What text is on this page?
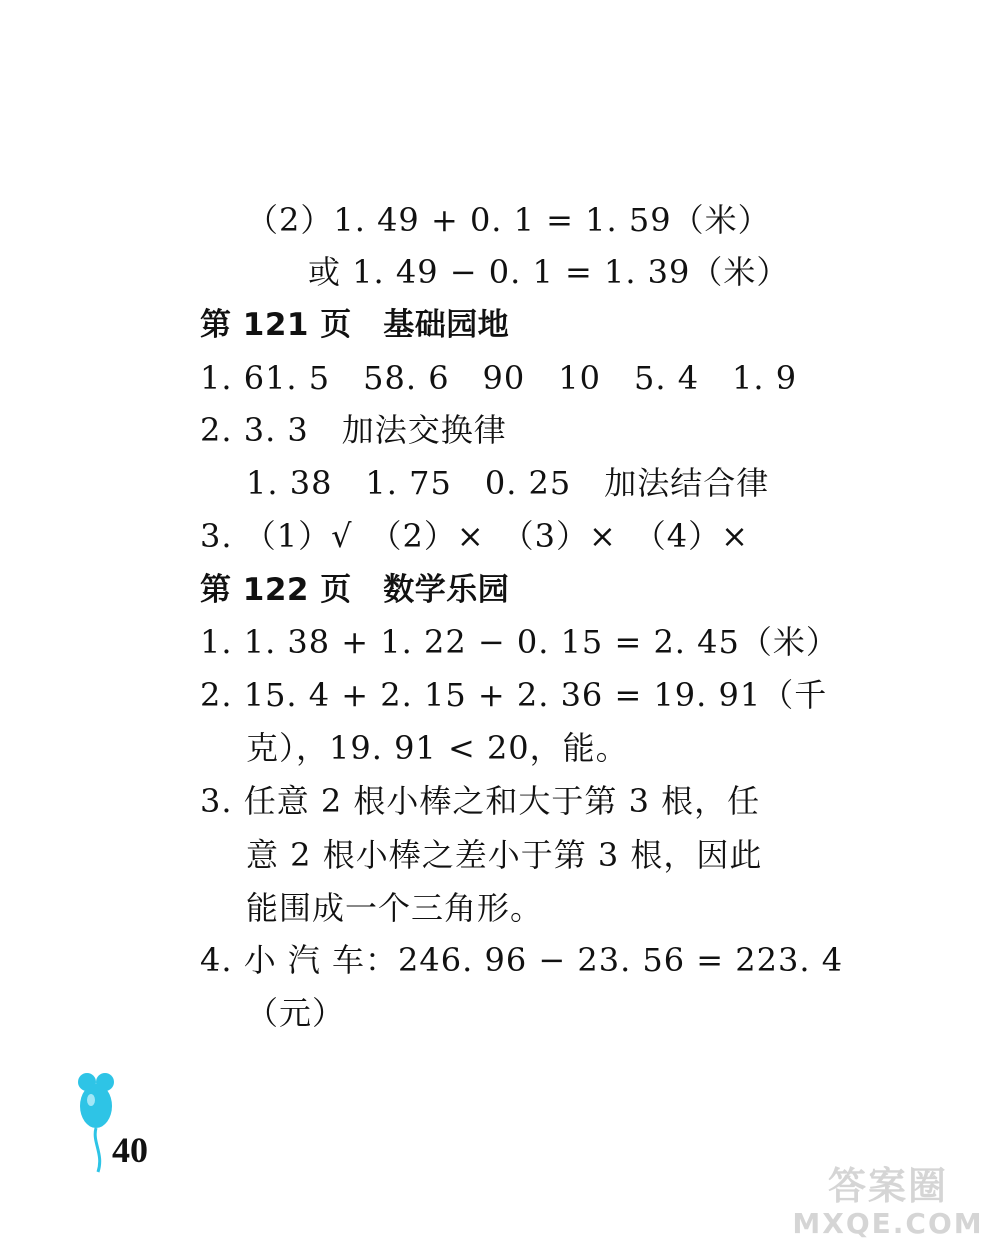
（2）1. 49 + 0. 1 = 1. 59（米）
或 1. 49 − 0. 1 = 1. 39（米）
第 121 页　基础园地
1. 61. 5　58. 6　90　10　5. 4　1. 9
2. 3. 3　加法交换律
1. 38　1. 75　0. 25　加法结合律
3. （1）√　（2）×　（3）×　（4）×
第 122 页　数学乐园
1. 1. 38 + 1. 22 − 0. 15 = 2. 45（米）
2. 15. 4 + 2. 15 + 2. 36 = 19. 91（千
克），19. 91 < 20，能。
3. 任意 2 根小棒之和大于第 3 根，任
意 2 根小棒之差小于第 3 根，因此
能围成一个三角形。
4. 小 汽 车：246. 96 − 23. 56 = 223. 4
（元）
40
答案圈
MXQE.COM
